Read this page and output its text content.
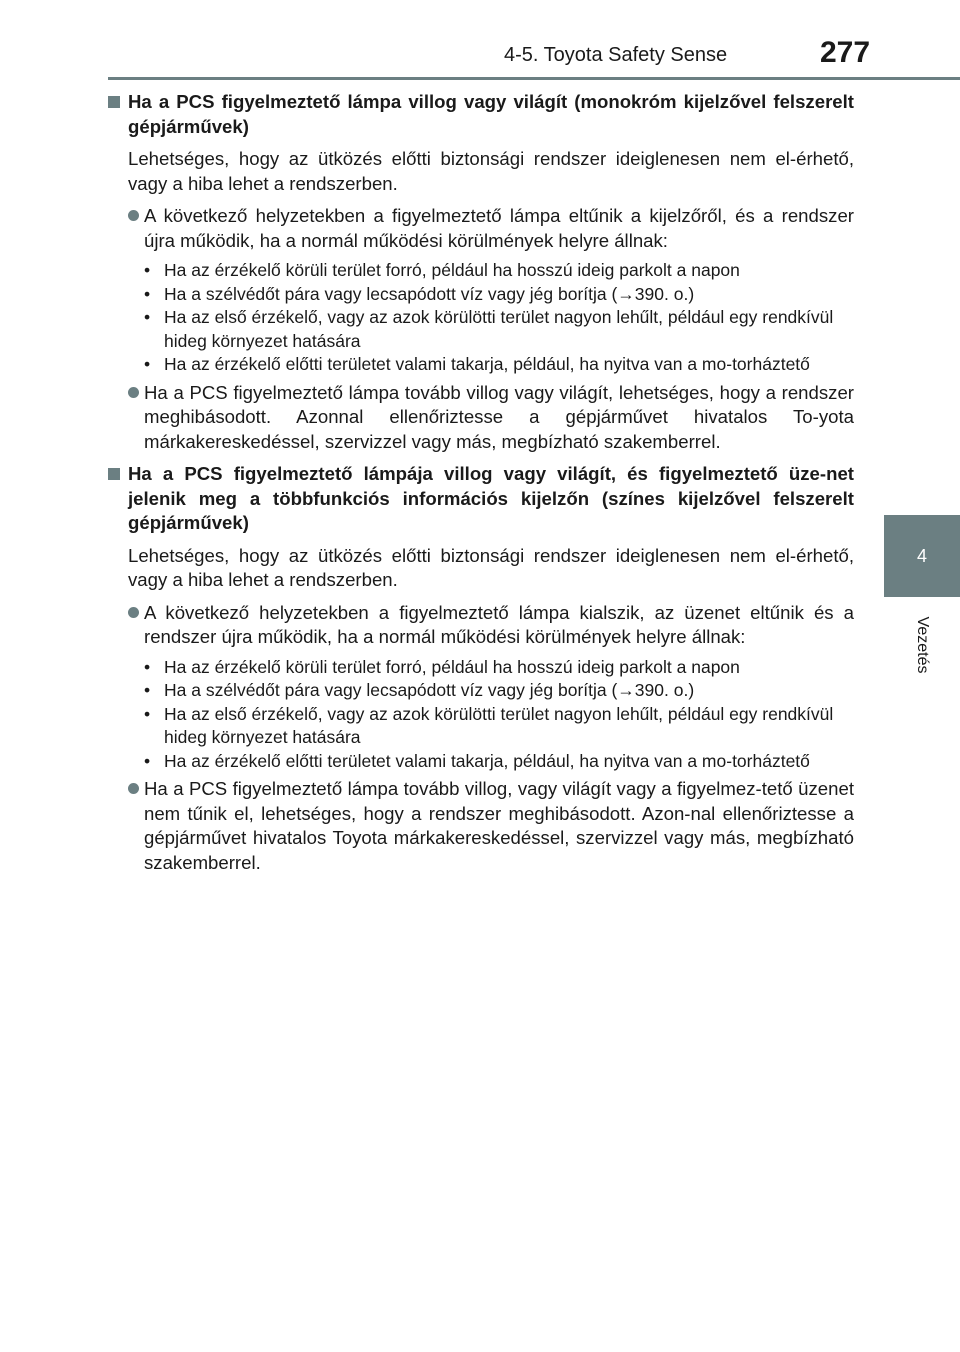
4-5. Toyota Safety Sense	277
4
Vezetés
Ha a PCS figyelmeztető lámpa villog vagy világít (monokróm kijelzővel felszerelt gépjárművek)
Lehetséges, hogy az ütközés előtti biztonsági rendszer ideiglenesen nem el-érhető, vagy a hiba lehet a rendszerben.
A következő helyzetekben a figyelmeztető lámpa eltűnik a kijelzőről, és a rendszer újra működik, ha a normál működési körülmények helyre állnak:
• Ha az érzékelő körüli terület forró, például ha hosszú ideig parkolt a napon
• Ha a szélvédőt pára vagy lecsapódott víz vagy jég borítja (→390. o.)
• Ha az első érzékelő, vagy az azok körülötti terület nagyon lehűlt, például egy rendkívül hideg környezet hatására
• Ha az érzékelő előtti területet valami takarja, például, ha nyitva van a mo-torháztető
Ha a PCS figyelmeztető lámpa tovább villog vagy világít, lehetséges, hogy a rendszer meghibásodott. Azonnal ellenőriztesse a gépjárművet hivatalos To-yota márkakereskedéssel, szervizzel vagy más, megbízható szakemberrel.
Ha a PCS figyelmeztető lámpája villog vagy világít, és figyelmeztető üze-net jelenik meg a többfunkciós információs kijelzőn (színes kijelzővel felszerelt gépjárművek)
Lehetséges, hogy az ütközés előtti biztonsági rendszer ideiglenesen nem el-érhető, vagy a hiba lehet a rendszerben.
A következő helyzetekben a figyelmeztető lámpa kialszik, az üzenet eltűnik és a rendszer újra működik, ha a normál működési körülmények helyre állnak:
• Ha az érzékelő körüli terület forró, például ha hosszú ideig parkolt a napon
• Ha a szélvédőt pára vagy lecsapódott víz vagy jég borítja (→390. o.)
• Ha az első érzékelő, vagy az azok körülötti terület nagyon lehűlt, például egy rendkívül hideg környezet hatására
• Ha az érzékelő előtti területet valami takarja, például, ha nyitva van a mo-torháztető
Ha a PCS figyelmeztető lámpa tovább villog, vagy világít vagy a figyelmez-tető üzenet nem tűnik el, lehetséges, hogy a rendszer meghibásodott. Azon-nal ellenőriztesse a gépjárművet hivatalos Toyota márkakereskedéssel, szervizzel vagy más, megbízható szakemberrel.
